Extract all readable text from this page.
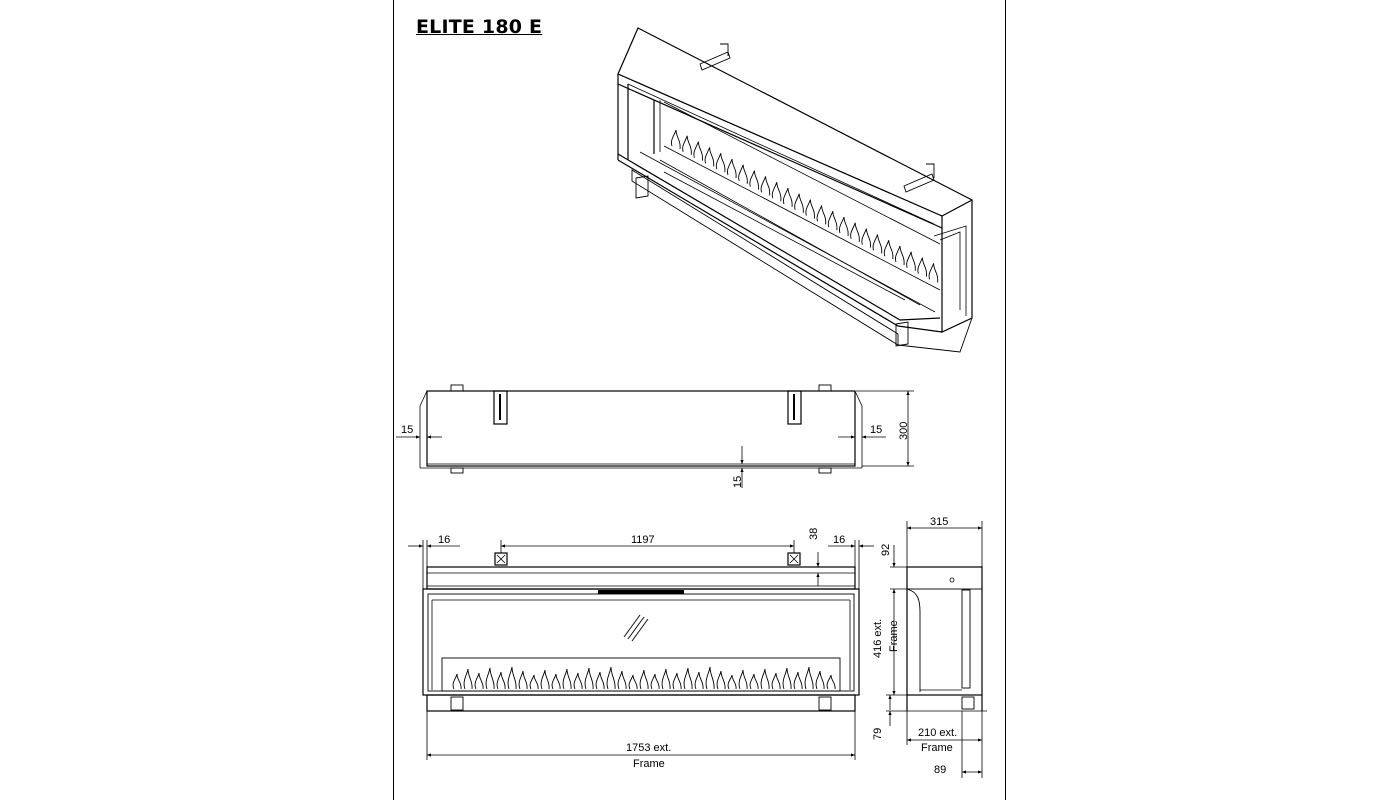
ELITE 180 E
15	15
15
300
16	1197	38 16
1753 ext.
Frame
315
92
416 ext. Frame
79	210 ext.
Frame
89
